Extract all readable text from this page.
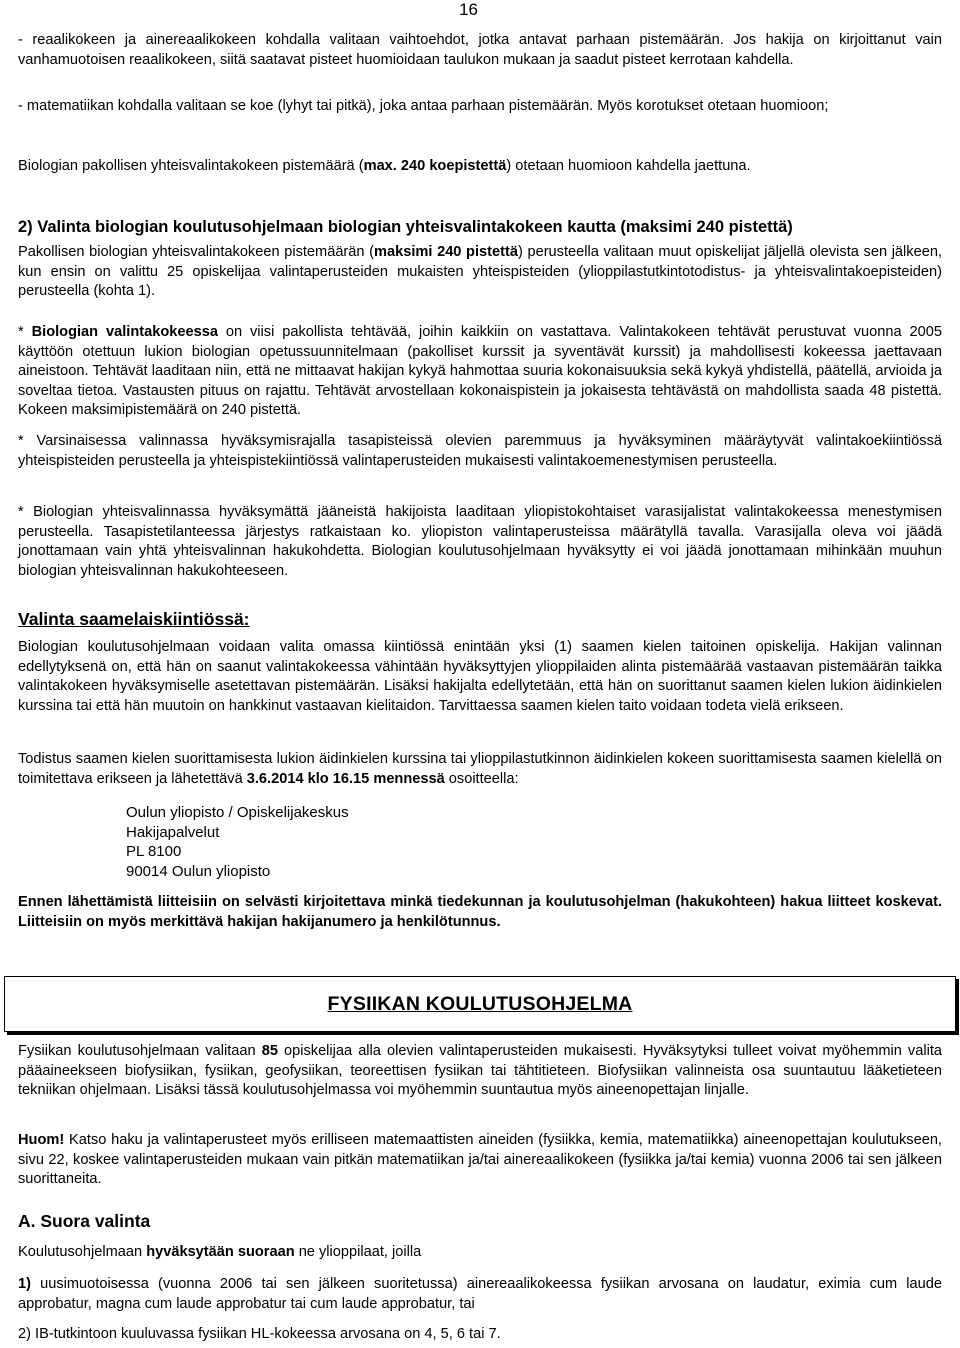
16

- reaalikokeen ja ainereaalikokeen kohdalla valitaan vaihtoehdot, jotka antavat parhaan pistemäärän. Jos hakija on kirjoittanut vain vanhamuotoisen reaalikokeen, siitä saatavat pisteet huomioidaan taulukon mukaan ja saadut pisteet kerrotaan kahdella.

- matematiikan kohdalla valitaan se koe (lyhyt tai pitkä), joka antaa parhaan pistemäärän. Myös korotukset otetaan huomioon;

Biologian pakollisen yhteisvalintakokeen pistemäärä (max. 240 koepistettä) otetaan huomioon kahdella jaettuna.

2) Valinta biologian koulutusohjelmaan biologian yhteisvalintakokeen kautta (maksimi 240 pistettä)

Pakollisen biologian yhteisvalintakokeen pistemäärän (maksimi 240 pistettä) perusteella valitaan muut opiskelijat jäljellä olevista sen jälkeen, kun ensin on valittu 25 opiskelijaa valintaperusteiden mukaisten yhteispisteiden (ylioppilastutkintotodistus- ja yhteisvalintakoepisteiden) perusteella (kohta 1).

* Biologian valintakokeessa on viisi pakollista tehtävää, joihin kaikkiin on vastattava. Valintakokeen tehtävät perustuvat vuonna 2005 käyttöön otettuun lukion biologian opetussuunnitelmaan (pakolliset kurssit ja syventävät kurssit) ja mahdollisesti kokeessa jaettavaan aineistoon. Tehtävät laaditaan niin, että ne mittaavat hakijan kykyä hahmottaa suuria kokonaisuuksia sekä kykyä yhdistellä, päätellä, arvioida ja soveltaa tietoa. Vastausten pituus on rajattu. Tehtävät arvostellaan kokonaispistein ja jokaisesta tehtävästä on mahdollista saada 48 pistettä. Kokeen maksimipistemäärä on 240 pistettä.

* Varsinaisessa valinnassa hyväksymisrajalla tasapisteissä olevien paremmuus ja hyväksyminen määräytyvät valintakoekiintiössä yhteispisteiden perusteella ja yhteispistekiintiössä valintaperusteiden mukaisesti valintakoemenestymisen perusteella.

* Biologian yhteisvalinnassa hyväksymättä jääneistä hakijoista laaditaan yliopistokohtaiset varasijalistat valintakokeessa menestymisen perusteella. Tasapistetilanteessa järjestys ratkaistaan ko. yliopiston valintaperusteissa määrätyllä tavalla. Varasijalla oleva voi jäädä jonottamaan vain yhtä yhteisvalinnan hakukohdetta. Biologian koulutusohjelmaan hyväksytty ei voi jäädä jonottamaan mihinkään muuhun biologian yhteisvalinnan hakukohteeseen.

Valinta saamelaiskiintiössä:

Biologian koulutusohjelmaan voidaan valita omassa kiintiössä enintään yksi (1) saamen kielen taitoinen opiskelija. Hakijan valinnan edellytyksenä on, että hän on saanut valintakokeessa vähintään hyväksyttyjen ylioppilaiden alinta pistemäärää vastaavan pistemäärän taikka valintakokeen hyväksymiselle asetettavan pistemäärän. Lisäksi hakijalta edellytetään, että hän on suorittanut saamen kielen lukion äidinkielen kurssina tai että hän muutoin on hankkinut vastaavan kielitaidon. Tarvittaessa saamen kielen taito voidaan todeta vielä erikseen.

Todistus saamen kielen suorittamisesta lukion äidinkielen kurssina tai ylioppilastutkinnon äidinkielen kokeen suorittamisesta saamen kielellä on toimitettava erikseen ja lähetettävä 3.6.2014 klo 16.15 mennessä osoitteella:

Oulun yliopisto / Opiskelijakeskus
Hakijapalvelut
PL 8100
90014 Oulun yliopisto

Ennen lähettämistä liitteisiin on selvästi kirjoitettava minkä tiedekunnan ja koulutusohjelman (hakukohteen) hakua liitteet koskevat. Liitteisiin on myös merkittävä hakijan hakijanumero ja henkilötunnus.

FYSIIKAN KOULUTUSOHJELMA

Fysiikan koulutusohjelmaan valitaan 85 opiskelijaa alla olevien valintaperusteiden mukaisesti. Hyväksytyksi tulleet voivat myöhemmin valita pääaineekseen biofysiikan, fysiikan, geofysiikan, teoreettisen fysiikan tai tähtitieteen. Biofysiikan valinneista osa suuntautuu lääketieteen tekniikan ohjelmaan. Lisäksi tässä koulutusohjelmassa voi myöhemmin suuntautua myös aineenopettajan linjalle.

Huom! Katso haku ja valintaperusteet myös erilliseen matemaattisten aineiden (fysiikka, kemia, matematiikka) aineenopettajan koulutukseen, sivu 22, koskee valintaperusteiden mukaan vain pitkän matematiikan ja/tai ainereaalikokeen (fysiikka ja/tai kemia) vuonna 2006 tai sen jälkeen suorittaneita.

A. Suora valinta

Koulutusohjelmaan hyväksytään suoraan ne ylioppilaat, joilla

1) uusimuotoisessa (vuonna 2006 tai sen jälkeen suoritetussa) ainereaalikokeessa fysiikan arvosana on laudatur, eximia cum laude approbatur, magna cum laude approbatur tai cum laude approbatur, tai

2) IB-tutkintoon kuuluvassa fysiikan HL-kokeessa arvosana on 4, 5, 6 tai 7.
